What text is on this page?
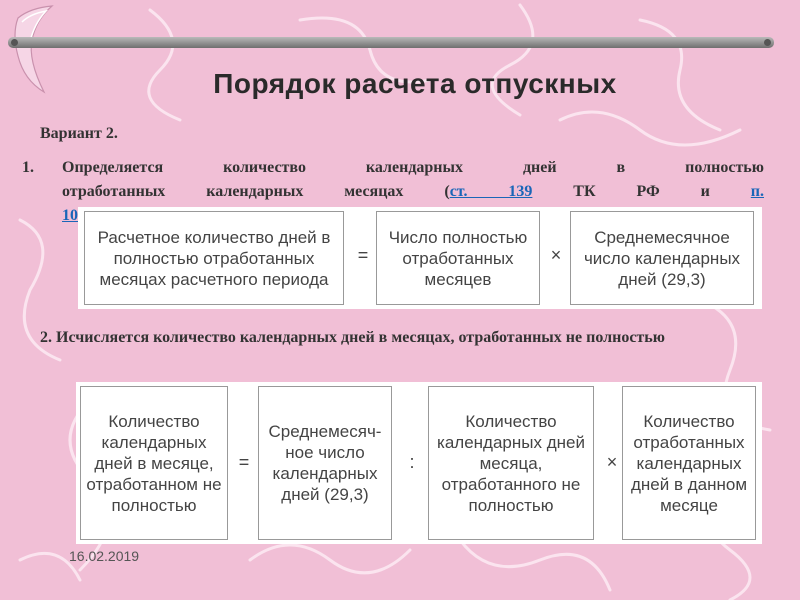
Порядок расчета отпускных
Вариант 2.
1. Определяется количество календарных дней в полностью
отработанных календарных месяцах (ст. 139 ТК РФ и п.
10
Расчетное количество дней в полностью отработанных месяцах расчетного периода
=
Число полностью отработанных месяцев
×
Среднемесячное число календарных дней (29,3)
2. Исчисляется количество календарных дней в месяцах, отработанных не полностью
Количество календарных дней в месяце, отработанном не полностью
=
Среднемесяч-ное число календарных дней (29,3)
:
Количество календарных дней месяца, отработанного не полностью
×
Количество отработанных календарных дней в данном месяце
16.02.2019
